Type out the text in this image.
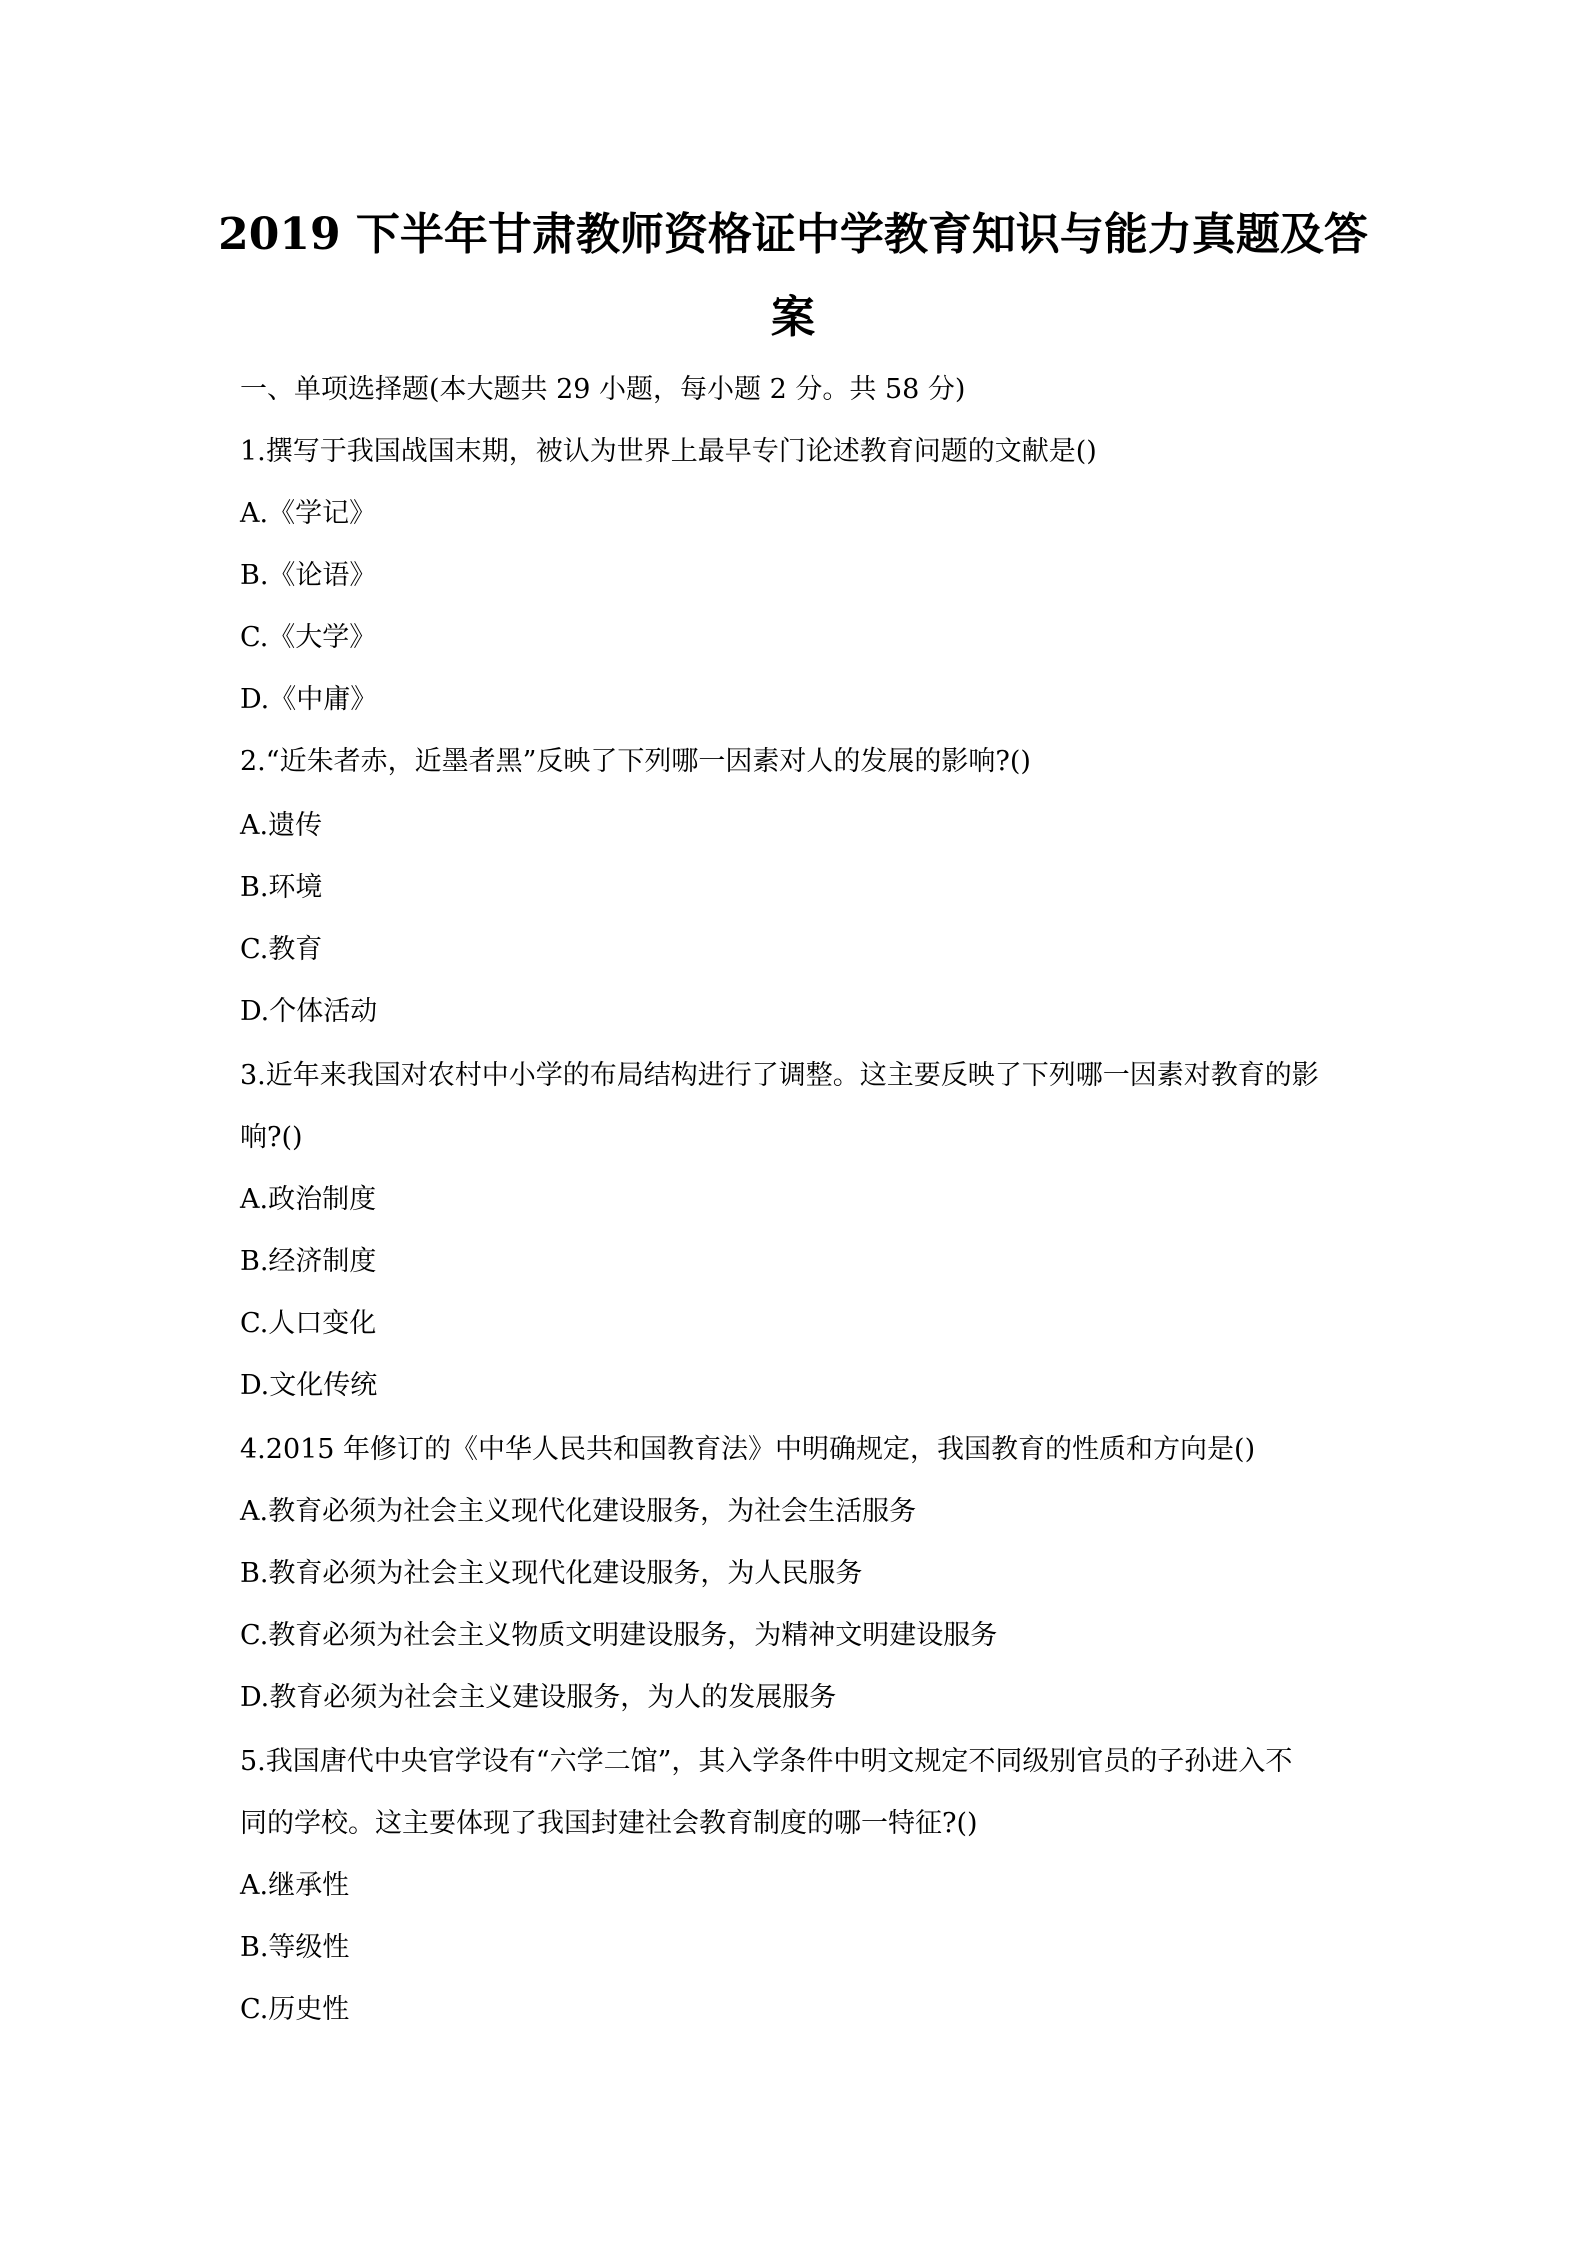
2019 下半年甘肃教师资格证中学教育知识与能力真题及答
案
一、单项选择题(本大题共 29 小题，每小题 2 分。共 58 分)
1.撰写于我国战国末期，被认为世界上最早专门论述教育问题的文献是()
A.《学记》
B.《论语》
C.《大学》
D.《中庸》
2.“近朱者赤，近墨者黑”反映了下列哪一因素对人的发展的影响?()
A.遗传
B.环境
C.教育
D.个体活动
3.近年来我国对农村中小学的布局结构进行了调整。这主要反映了下列哪一因素对教育的影
响?()
A.政治制度
B.经济制度
C.人口变化
D.文化传统
4.2015 年修订的《中华人民共和国教育法》中明确规定，我国教育的性质和方向是()
A.教育必须为社会主义现代化建设服务，为社会生活服务
B.教育必须为社会主义现代化建设服务，为人民服务
C.教育必须为社会主义物质文明建设服务，为精神文明建设服务
D.教育必须为社会主义建设服务，为人的发展服务
5.我国唐代中央官学设有“六学二馆”，其入学条件中明文规定不同级别官员的子孙进入不
同的学校。这主要体现了我国封建社会教育制度的哪一特征?()
A.继承性
B.等级性
C.历史性
